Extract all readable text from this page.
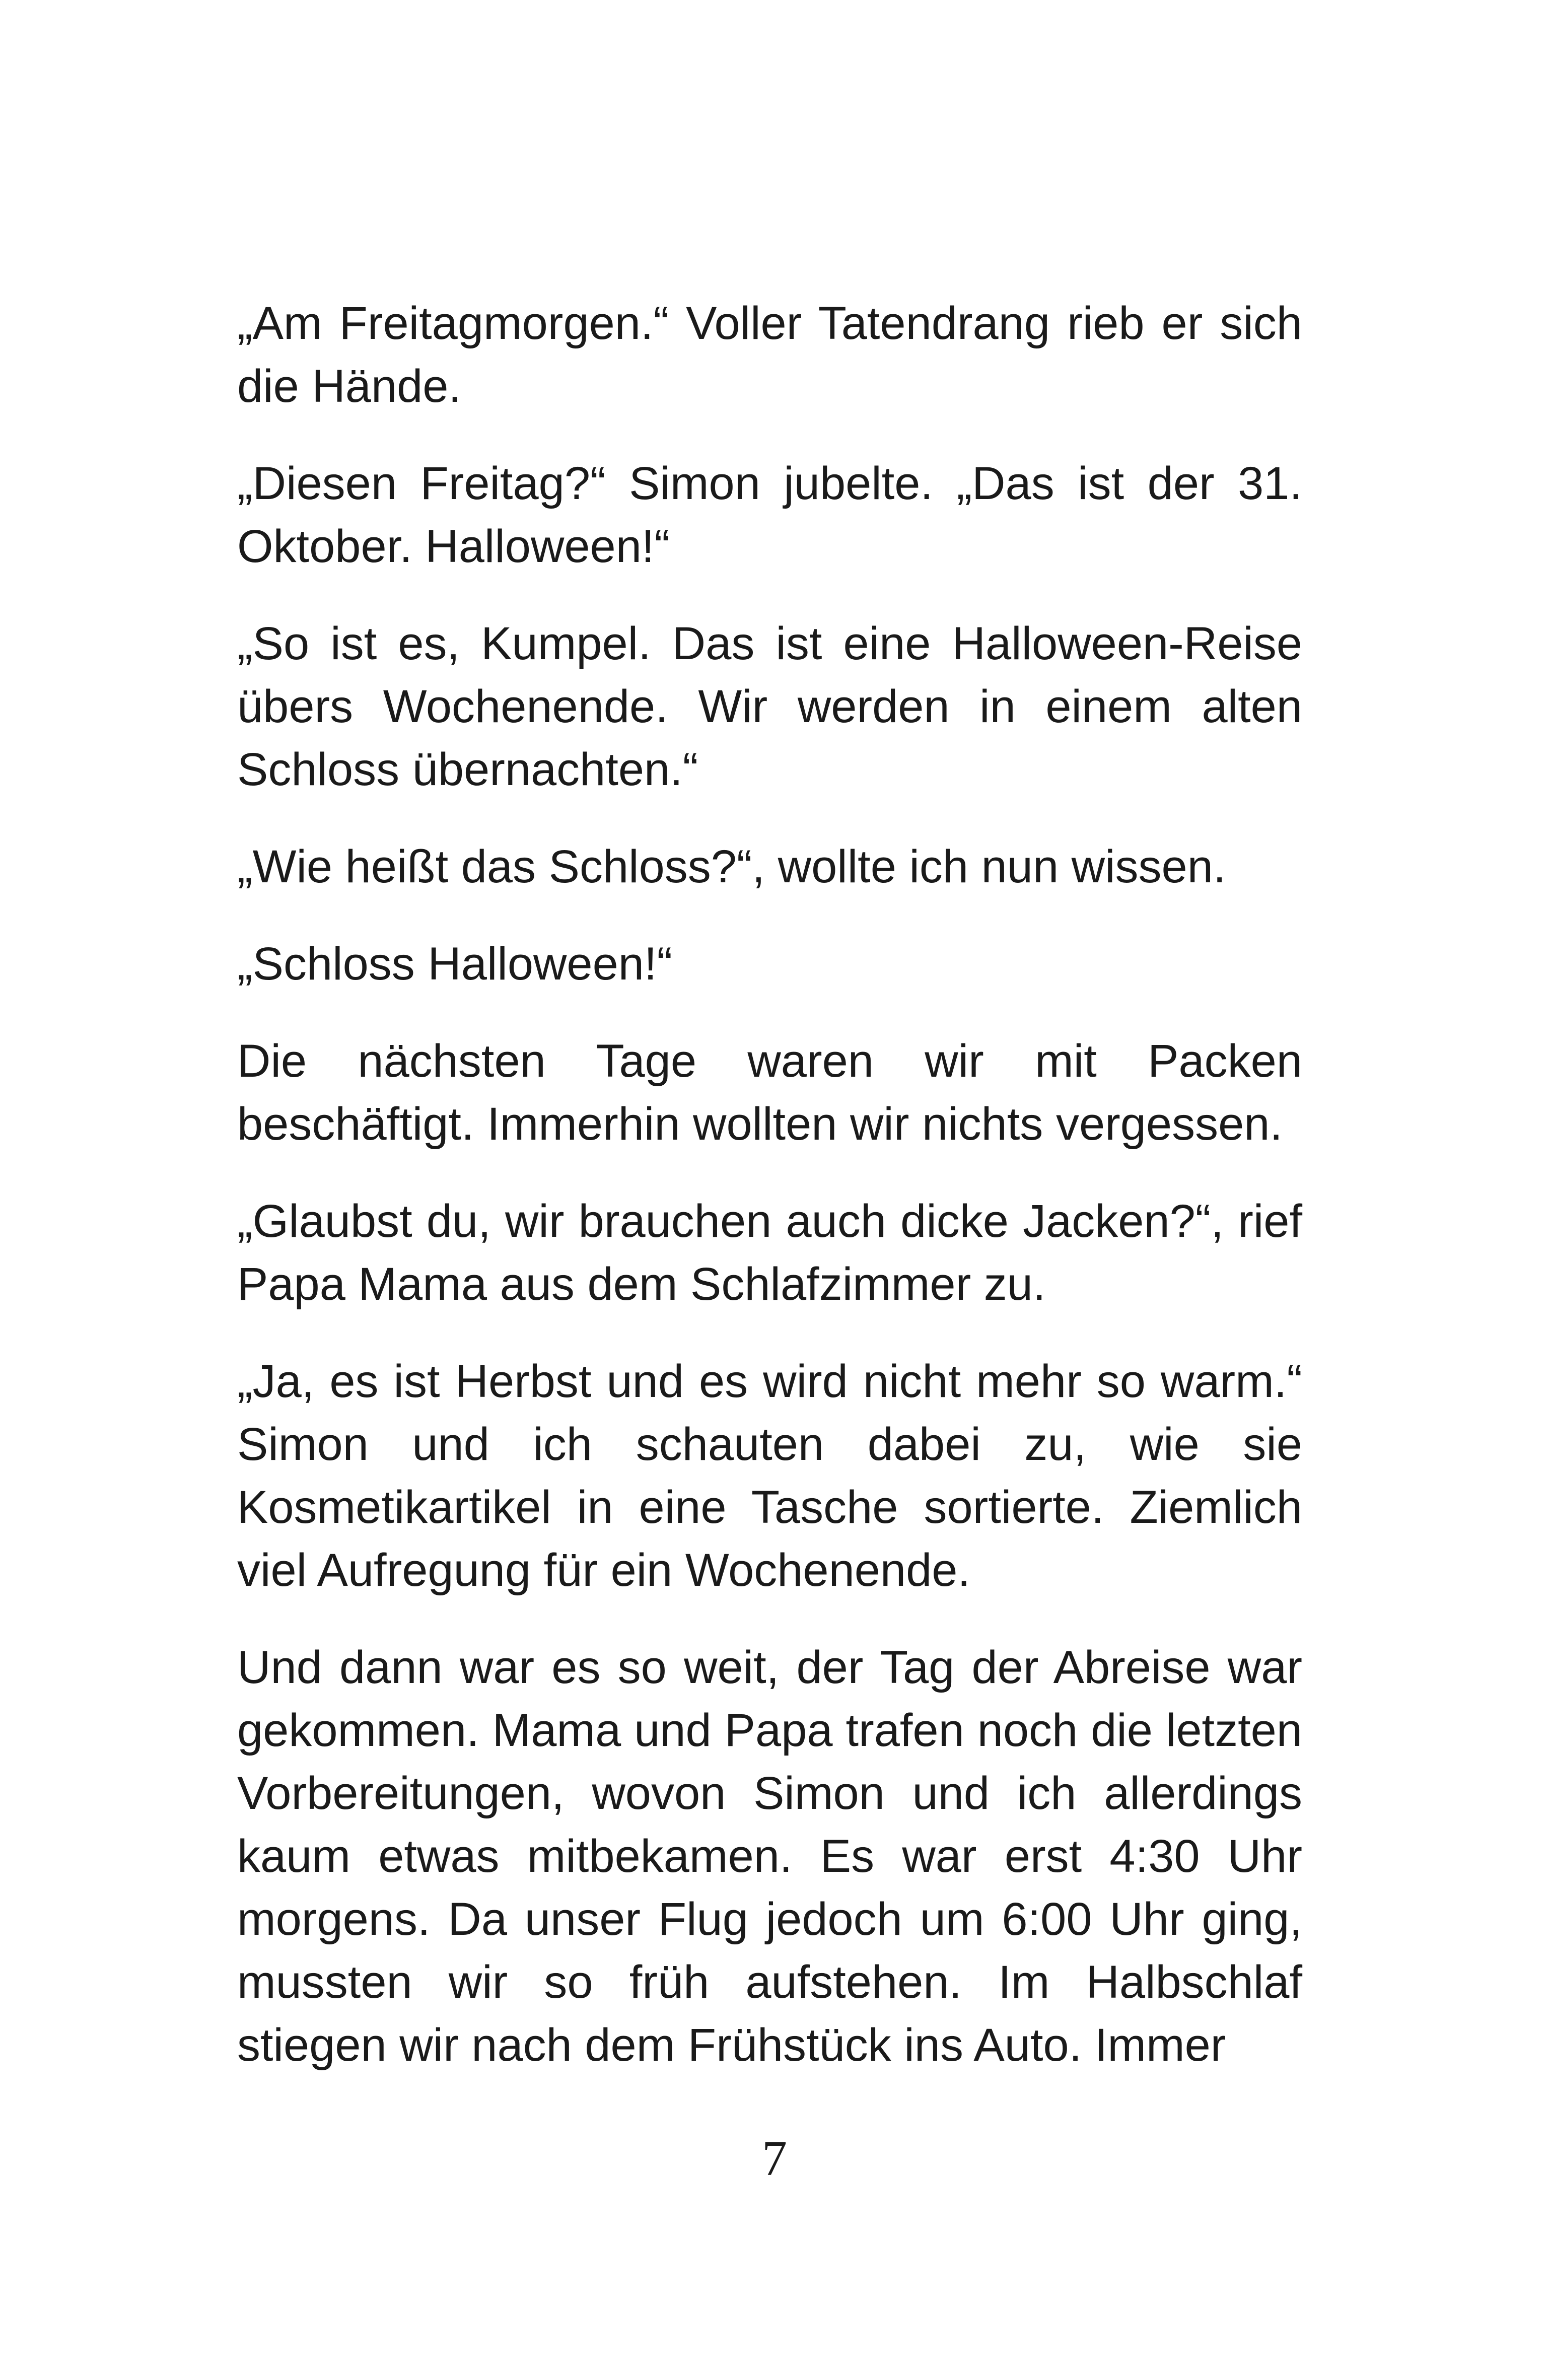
„Am Freitagmorgen.“ Voller Tatendrang rieb er sich die Hände.

„Diesen Freitag?“ Simon jubelte. „Das ist der 31. Oktober. Halloween!“

„So ist es, Kumpel. Das ist eine Halloween-Reise übers Wochenende. Wir werden in einem alten Schloss übernachten.“

„Wie heißt das Schloss?“, wollte ich nun wissen.

„Schloss Halloween!“

Die nächsten Tage waren wir mit Packen beschäftigt. Immerhin wollten wir nichts vergessen.

„Glaubst du, wir brauchen auch dicke Jacken?“, rief Papa Mama aus dem Schlafzimmer zu.

„Ja, es ist Herbst und es wird nicht mehr so warm.“ Simon und ich schauten dabei zu, wie sie Kosmetikartikel in eine Tasche sortierte. Ziemlich viel Aufregung für ein Wochenende.

Und dann war es so weit, der Tag der Abreise war gekommen. Mama und Papa trafen noch die letzten Vorbereitungen, wovon Simon und ich allerdings kaum etwas mitbekamen. Es war erst 4:30 Uhr morgens. Da unser Flug jedoch um 6:00 Uhr ging, mussten wir so früh aufstehen. Im Halbschlaf stiegen wir nach dem Frühstück ins Auto. Immer

7
